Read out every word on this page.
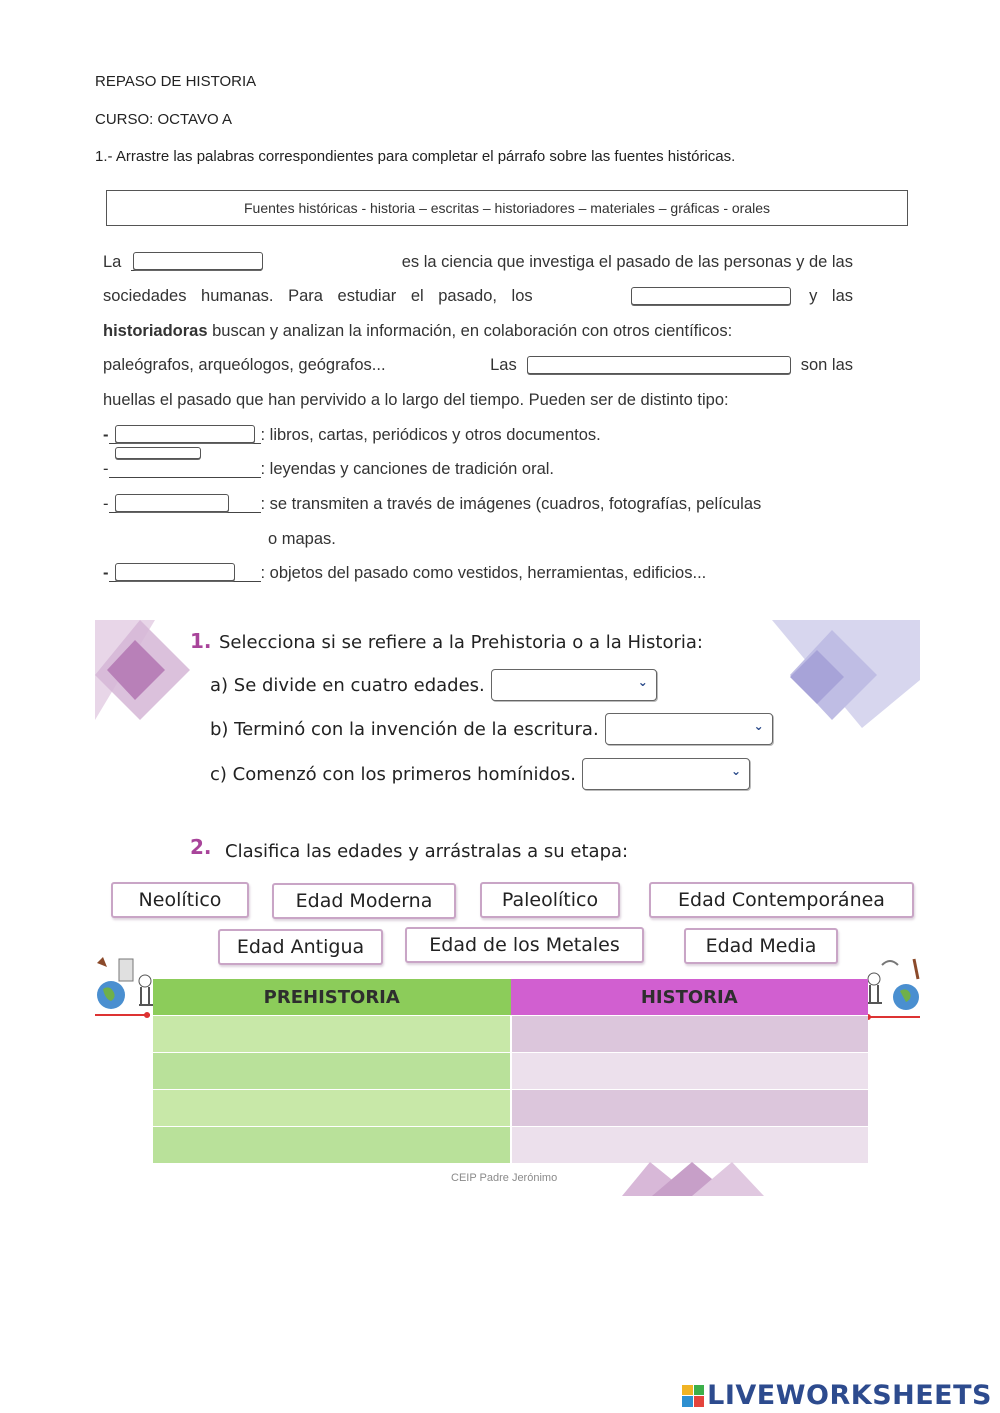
REPASO DE HISTORIA
CURSO: OCTAVO A
1.- Arrastre las palabras correspondientes para completar el párrafo sobre las fuentes históricas.
Fuentes históricas - historia – escritas – historiadores – materiales – gráficas - orales
La	es la ciencia que investiga el pasado de las personas y de las
sociedades humanas. Para estudiar el pasado, los	y las
historiadoras
buscan y analizan la información, en colaboración con otros científicos:
paleógrafos, arqueólogos, geógrafos...	Las	son las
huellas el pasado que han pervivido a lo largo del tiempo. Pueden ser de distinto tipo:
-	: libros, cartas, periódicos y otros documentos.
-	: leyendas y canciones de tradición oral.
-	: se transmiten a través de imágenes (cuadros, fotografías, películas
o mapas.
-	: objetos del pasado como vestidos, herramientas, edificios...
1. Selecciona si se refiere a la Prehistoria o a la Historia:
a) Se divide en cuatro edades.	⌄
b) Terminó con la invención de la escritura.	⌄
c) Comenzó con los primeros homínidos.	⌄
2. Clasifica las edades y arrástralas a su etapa:
Neolítico	Edad Moderna	Paleolítico	Edad Contemporánea
Edad Antigua	Edad de los Metales	Edad Media
PREHISTORIA	HISTORIA
CEIP Padre Jerónimo
LIVEWORKSHEETS
